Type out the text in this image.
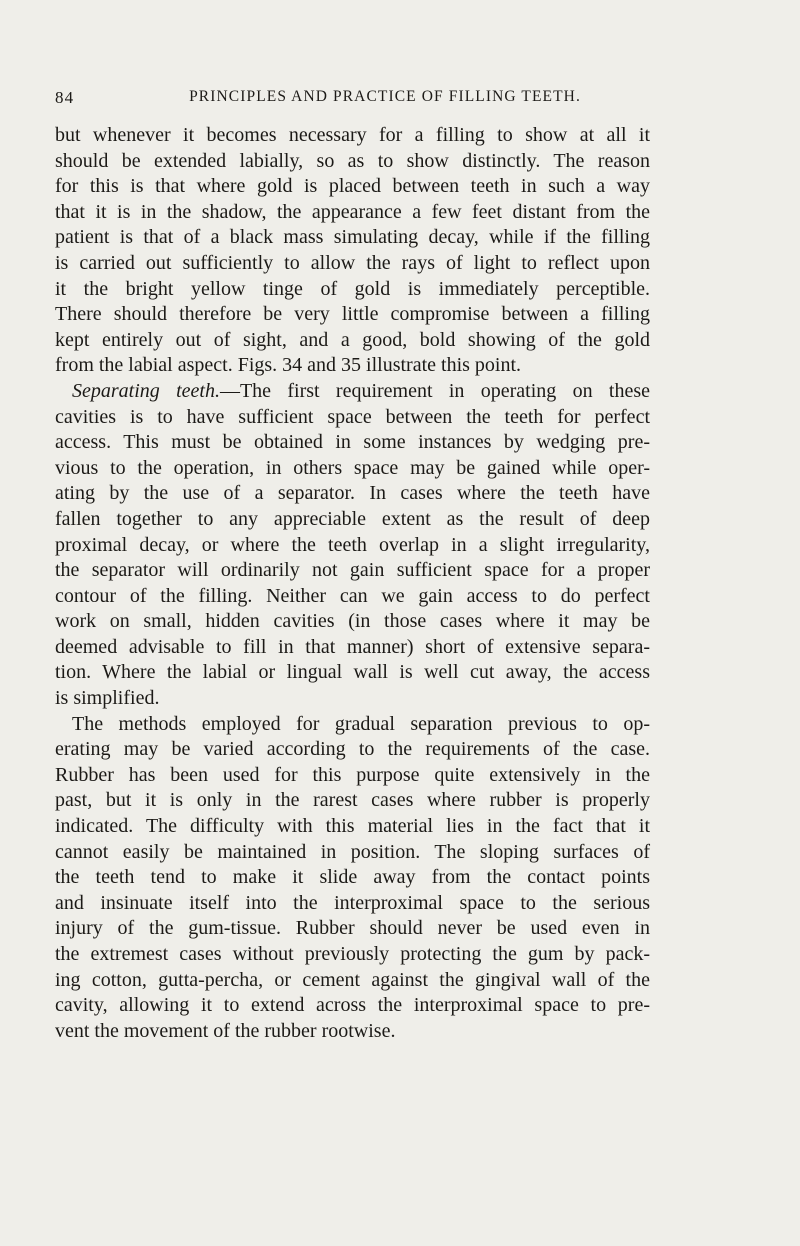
84	PRINCIPLES AND PRACTICE OF FILLING TEETH.
but whenever it becomes necessary for a filling to show at all it
should be extended labially, so as to show distinctly. The reason
for this is that where gold is placed between teeth in such a way
that it is in the shadow, the appearance a few feet distant from the
patient is that of a black mass simulating decay, while if the filling
is carried out sufficiently to allow the rays of light to reflect upon
it the bright yellow tinge of gold is immediately perceptible.
There should therefore be very little compromise between a filling
kept entirely out of sight, and a good, bold showing of the gold
from the labial aspect. Figs. 34 and 35 illustrate this point.
Separating teeth.—The first requirement in operating on these
cavities is to have sufficient space between the teeth for perfect
access. This must be obtained in some instances by wedging pre-
vious to the operation, in others space may be gained while oper-
ating by the use of a separator. In cases where the teeth have
fallen together to any appreciable extent as the result of deep
proximal decay, or where the teeth overlap in a slight irregularity,
the separator will ordinarily not gain sufficient space for a proper
contour of the filling. Neither can we gain access to do perfect
work on small, hidden cavities (in those cases where it may be
deemed advisable to fill in that manner) short of extensive separa-
tion. Where the labial or lingual wall is well cut away, the access
is simplified.
The methods employed for gradual separation previous to op-
erating may be varied according to the requirements of the case.
Rubber has been used for this purpose quite extensively in the
past, but it is only in the rarest cases where rubber is properly
indicated. The difficulty with this material lies in the fact that it
cannot easily be maintained in position. The sloping surfaces of
the teeth tend to make it slide away from the contact points
and insinuate itself into the interproximal space to the serious
injury of the gum-tissue. Rubber should never be used even in
the extremest cases without previously protecting the gum by pack-
ing cotton, gutta-percha, or cement against the gingival wall of the
cavity, allowing it to extend across the interproximal space to pre-
vent the movement of the rubber rootwise.
